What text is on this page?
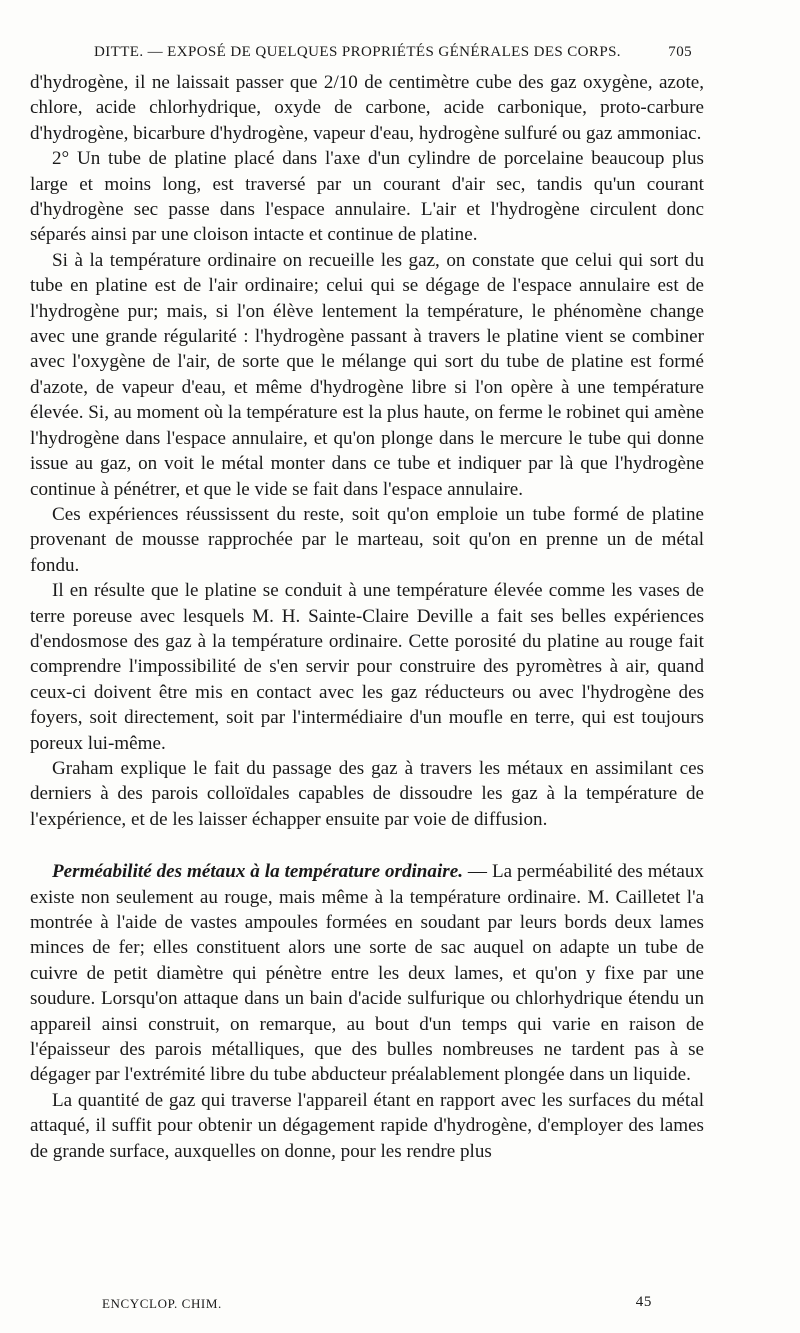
DITTE. — EXPOSÉ DE QUELQUES PROPRIÉTÉS GÉNÉRALES DES CORPS.	705

d'hydrogène, il ne laissait passer que 2/10 de centimètre cube des gaz oxygène, azote, chlore, acide chlorhydrique, oxyde de carbone, acide carbonique, proto-carbure d'hydrogène, bicarbure d'hydrogène, vapeur d'eau, hydrogène sulfuré ou gaz ammoniac.

2° Un tube de platine placé dans l'axe d'un cylindre de porcelaine beaucoup plus large et moins long, est traversé par un courant d'air sec, tandis qu'un courant d'hydrogène sec passe dans l'espace annulaire. L'air et l'hydrogène circulent donc séparés ainsi par une cloison intacte et continue de platine.

Si à la température ordinaire on recueille les gaz, on constate que celui qui sort du tube en platine est de l'air ordinaire; celui qui se dégage de l'espace annulaire est de l'hydrogène pur; mais, si l'on élève lentement la température, le phénomène change avec une grande régularité : l'hydrogène passant à travers le platine vient se combiner avec l'oxygène de l'air, de sorte que le mélange qui sort du tube de platine est formé d'azote, de vapeur d'eau, et même d'hydrogène libre si l'on opère à une température élevée. Si, au moment où la température est la plus haute, on ferme le robinet qui amène l'hydrogène dans l'espace annulaire, et qu'on plonge dans le mercure le tube qui donne issue au gaz, on voit le métal monter dans ce tube et indiquer par là que l'hydrogène continue à pénétrer, et que le vide se fait dans l'espace annulaire.

Ces expériences réussissent du reste, soit qu'on emploie un tube formé de platine provenant de mousse rapprochée par le marteau, soit qu'on en prenne un de métal fondu.

Il en résulte que le platine se conduit à une température élevée comme les vases de terre poreuse avec lesquels M. H. Sainte-Claire Deville a fait ses belles expériences d'endosmose des gaz à la température ordinaire. Cette porosité du platine au rouge fait comprendre l'impossibilité de s'en servir pour construire des pyromètres à air, quand ceux-ci doivent être mis en contact avec les gaz réducteurs ou avec l'hydrogène des foyers, soit directement, soit par l'intermédiaire d'un moufle en terre, qui est toujours poreux lui-même.

Graham explique le fait du passage des gaz à travers les métaux en assimilant ces derniers à des parois colloïdales capables de dissoudre les gaz à la température de l'expérience, et de les laisser échapper ensuite par voie de diffusion.

Perméabilité des métaux à la température ordinaire. — La perméabilité des métaux existe non seulement au rouge, mais même à la température ordinaire. M. Cailletet l'a montrée à l'aide de vastes ampoules formées en soudant par leurs bords deux lames minces de fer; elles constituent alors une sorte de sac auquel on adapte un tube de cuivre de petit diamètre qui pénètre entre les deux lames, et qu'on y fixe par une soudure. Lorsqu'on attaque dans un bain d'acide sulfurique ou chlorhydrique étendu un appareil ainsi construit, on remarque, au bout d'un temps qui varie en raison de l'épaisseur des parois métalliques, que des bulles nombreuses ne tardent pas à se dégager par l'extrémité libre du tube abducteur préalablement plongée dans un liquide.

La quantité de gaz qui traverse l'appareil étant en rapport avec les surfaces du métal attaqué, il suffit pour obtenir un dégagement rapide d'hydrogène, d'employer des lames de grande surface, auxquelles on donne, pour les rendre plus

ENCYCLOP. CHIM.	45
